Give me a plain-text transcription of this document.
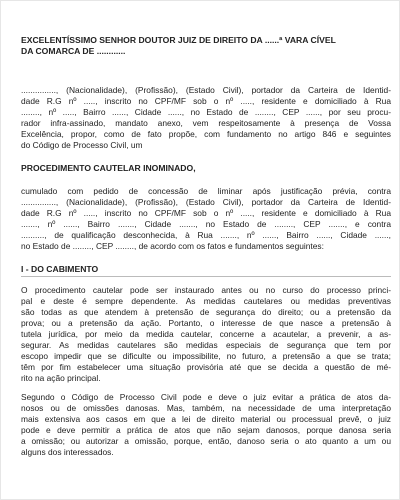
EXCELENTÍSSIMO SENHOR DOUTOR JUIZ DE DIREITO DA ......ª VARA CÍVEL
DA COMARCA DE ............
..............., (Nacionalidade), (Profissão), (Estado Civil), portador da Carteira de Identid-
dade R.G nº ....., inscrito no CPF/MF sob o nº ....., residente e domiciliado à Rua
........, nº ....., Bairro ......, Cidade ......, no Estado de ........, CEP ......, por seu procu-
rador infra-assinado, mandato anexo, vem respeitosamente à presença de Vossa
Excelência, propor, como de fato propõe, com fundamento no artigo 846 e seguintes
do Código de Processo Civil, um
PROCEDIMENTO CAUTELAR INOMINADO,
cumulado com pedido de concessão de liminar após justificação prévia, contra
..............., (Nacionalidade), (Profissão), (Estado Civil), portador da Carteira de Identid-
dade R.G nº ....., inscrito no CPF/MF sob o nº ....., residente e domiciliado à Rua
......., nº ......, Bairro ......., Cidade ......., no Estado de ........, CEP ......., e contra
.........., de qualificação desconhecida, à Rua ......., nº ......, Bairro ......, Cidade ......,
no Estado de ........, CEP ........, de acordo com os fatos e fundamentos seguintes:
I - DO CABIMENTO
O procedimento cautelar pode ser instaurado antes ou no curso do processo princi-
pal e deste é sempre dependente. As medidas cautelares ou medidas preventivas
são todas as que atendem à pretensão de segurança do direito; ou a pretensão da
prova; ou a pretensão da ação. Portanto, o interesse de que nasce a pretensão à
tutela jurídica, por meio da medida cautelar, concerne a acautelar, a prevenir, a as-
segurar. As medidas cautelares são medidas especiais de segurança que tem por
escopo impedir que se dificulte ou impossibilite, no futuro, a pretensão a que se trata;
têm por fim estabelecer uma situação provisória até que se decida a questão de mé-
rito na ação principal.
Segundo o Código de Processo Civil pode e deve o juiz evitar a prática de atos da-
nosos ou de omissões danosas. Mas, também, na necessidade de uma interpretação
mais extensiva aos casos em que a lei de direito material ou processual prevê, o juiz
pode e deve permitir a prática de atos que não sejam danosos, porque danosa seria
a omissão; ou autorizar a omissão, porque, então, danoso seria o ato quanto a um ou
alguns dos interessados.
